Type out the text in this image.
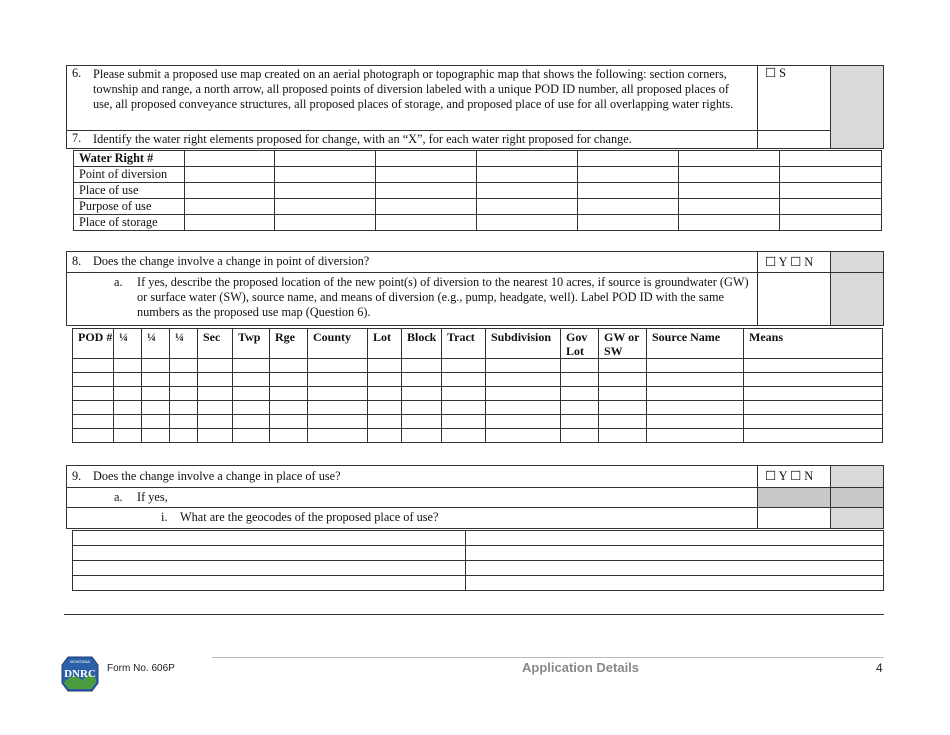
6. Please submit a proposed use map created on an aerial photograph or topographic map that shows the following: section corners, township and range, a north arrow, all proposed points of diversion labeled with a unique POD ID number, all proposed places of use, all proposed conveyance structures, all proposed places of storage, and proposed place of use for all overlapping water rights.	☐ S	

7. Identify the water right elements proposed for change, with an “X”, for each water right proposed for change.		

Water Right #							
Point of diversion							
Place of use							
Purpose of use							
Place of storage							
8. Does the change involve a change in point of diversion?	☐ Y ☐ N	

a. If yes, describe the proposed location of the new point(s) of diversion to the nearest 10 acres, if source is groundwater (GW) or surface water (SW), source name, and means of diversion (e.g., pump, headgate, well). Label POD ID with the same numbers as the proposed use map (Question 6).		

POD #	¼	¼	¼	Sec	Twp	Rge	County	Lot	Block	Tract	Subdivision	Gov Lot	GW or SW	Source Name	Means

9. Does the change involve a change in place of use?	☐ Y ☐ N	

a. If yes,		

i. What are the geocodes of the proposed place of use?		

MONTANA
DNRC Form No. 606P	Application Details	4
